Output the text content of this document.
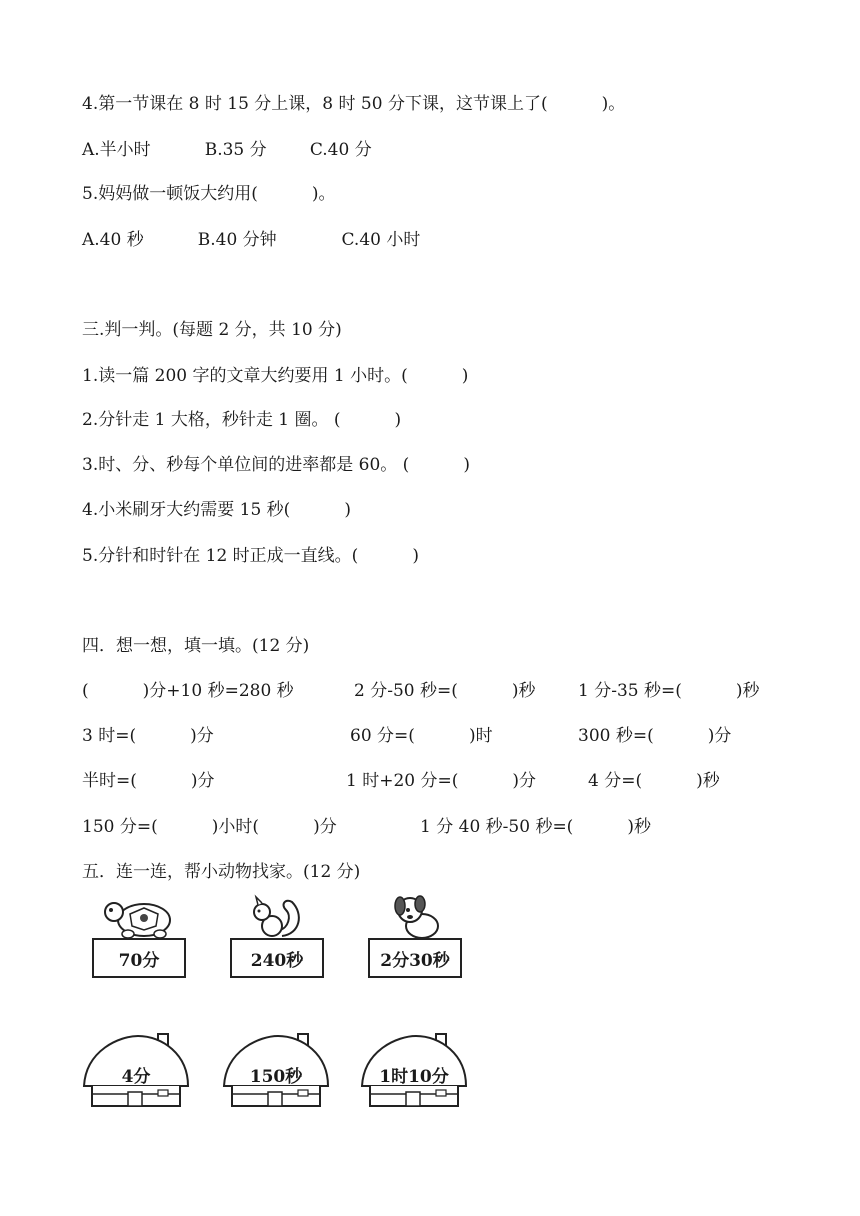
4.第一节课在 8 时 15 分上课，8 时 50 分下课，这节课上了(          )。
A.半小时          B.35 分        C.40 分
5.妈妈做一顿饭大约用(          )。
A.40 秒          B.40 分钟            C.40 小时
三.判一判。(每题 2 分，共 10 分)
1.读一篇 200 字的文章大约要用 1 小时。(          )
2.分针走 1 大格，秒针走 1 圈。 (          )
3.时、分、秒每个单位间的进率都是 60。 (          )
4.小米刷牙大约需要 15 秒(          )
5.分针和时针在 12 时正成一直线。(          )
四．想一想，填一填。(12 分)
(          )分+10 秒=280 秒	2 分-50 秒=(          )秒 1 分-35 秒=(          )秒
3 时=(          )分	60 分=(          )时	300 秒=(          )分
半时=(          )分	1 时+20 分=(          )分	4 分=(          )秒
150 分=(          )小时(          )分	1 分 40 秒-50 秒=(          )秒
五．连一连，帮小动物找家。(12 分)
70分	240秒	2分30秒
4分	150秒	1时10分
